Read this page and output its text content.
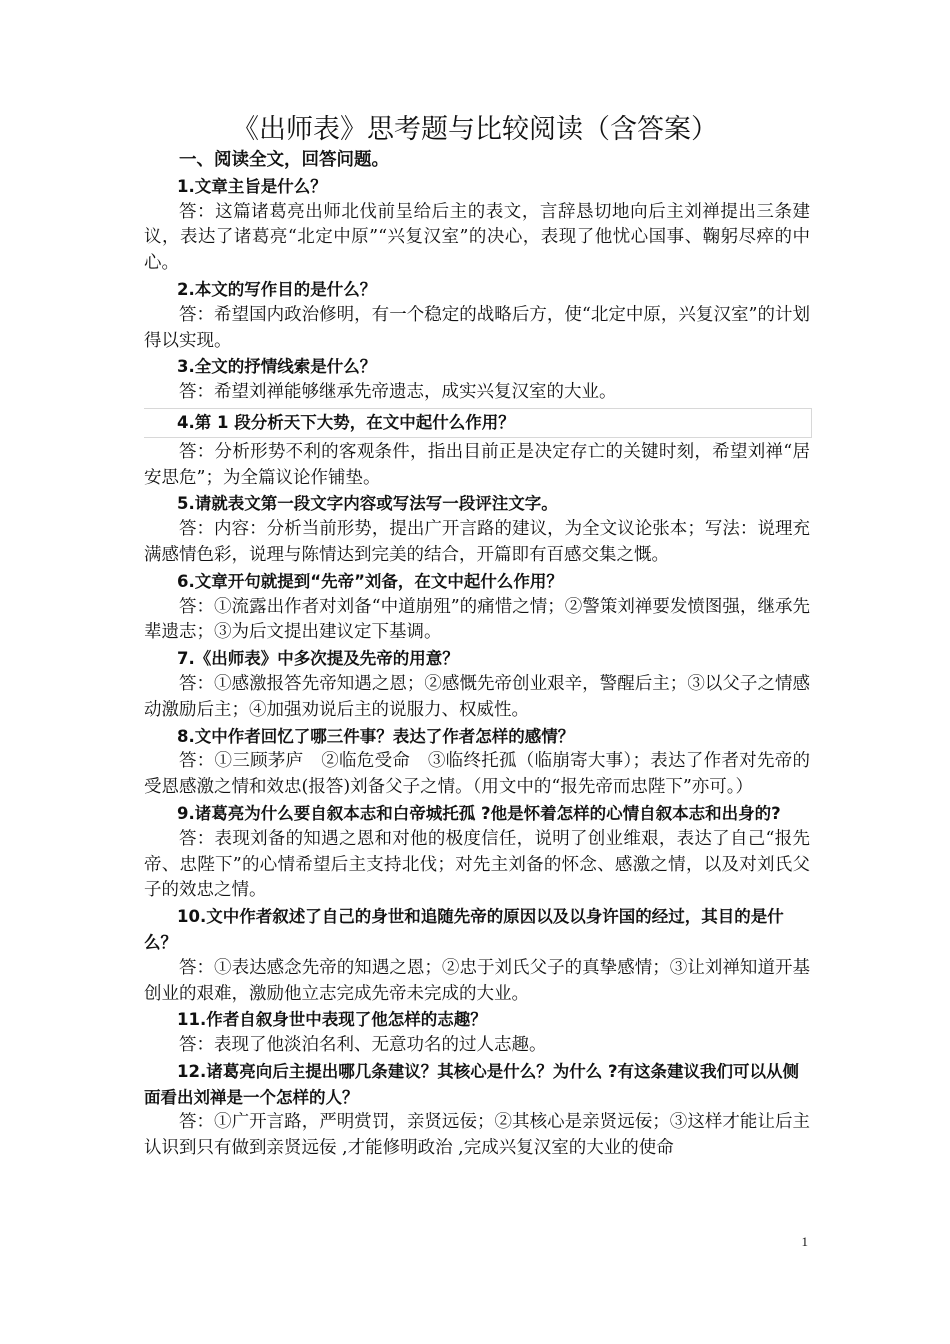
《出师表》思考题与比较阅读（含答案）

一、阅读全文，回答问题。

1.文章主旨是什么？

答：这篇诸葛亮出师北伐前呈给后主的表文，言辞恳切地向后主刘禅提出三条建议，表达了诸葛亮“北定中原”“兴复汉室”的决心，表现了他忧心国事、鞠躬尽瘁的中心。

2.本文的写作目的是什么？

答：希望国内政治修明，有一个稳定的战略后方，使“北定中原，兴复汉室”的计划得以实现。

3.全文的抒情线索是什么？

答：希望刘禅能够继承先帝遗志，成实兴复汉室的大业。

4.第 1 段分析天下大势，在文中起什么作用？

答：分析形势不利的客观条件，指出目前正是决定存亡的关键时刻，希望刘禅“居安思危”；为全篇议论作铺垫。

5.请就表文第一段文字内容或写法写一段评注文字。

答：内容：分析当前形势，提出广开言路的建议，为全文议论张本；写法：说理充满感情色彩，说理与陈情达到完美的结合，开篇即有百感交集之慨。

6.文章开句就提到“先帝”刘备，在文中起什么作用？

答：①流露出作者对刘备“中道崩殂”的痛惜之情；②警策刘禅要发愤图强，继承先辈遗志；③为后文提出建议定下基调。

7.《出师表》中多次提及先帝的用意？

答：①感激报答先帝知遇之恩；②感慨先帝创业艰辛，警醒后主；③以父子之情感动激励后主；④加强劝说后主的说服力、权威性。

8.文中作者回忆了哪三件事？表达了作者怎样的感情？

答：①三顾茅庐　②临危受命　③临终托孤（临崩寄大事）；表达了作者对先帝的受恩感激之情和效忠(报答)刘备父子之情。（用文中的“报先帝而忠陛下”亦可。）

9.诸葛亮为什么要自叙本志和白帝城托孤 ?他是怀着怎样的心情自叙本志和出身的?

答：表现刘备的知遇之恩和对他的极度信任，说明了创业维艰，表达了自己“报先帝、忠陛下”的心情希望后主支持北伐；对先主刘备的怀念、感激之情，以及对刘氏父子的效忠之情。

10.文中作者叙述了自己的身世和追随先帝的原因以及以身许国的经过，其目的是什么？

答：①表达感念先帝的知遇之恩；②忠于刘氏父子的真挚感情；③让刘禅知道开基创业的艰难，激励他立志完成先帝未完成的大业。

11.作者自叙身世中表现了他怎样的志趣？

答：表现了他淡泊名利、无意功名的过人志趣。

12.诸葛亮向后主提出哪几条建议？其核心是什么？为什么 ?有这条建议我们可以从侧面看出刘禅是一个怎样的人？

答：①广开言路，严明赏罚，亲贤远佞；②其核心是亲贤远佞；③这样才能让后主认识到只有做到亲贤远佞 ,才能修明政治 ,完成兴复汉室的大业的使命

1
